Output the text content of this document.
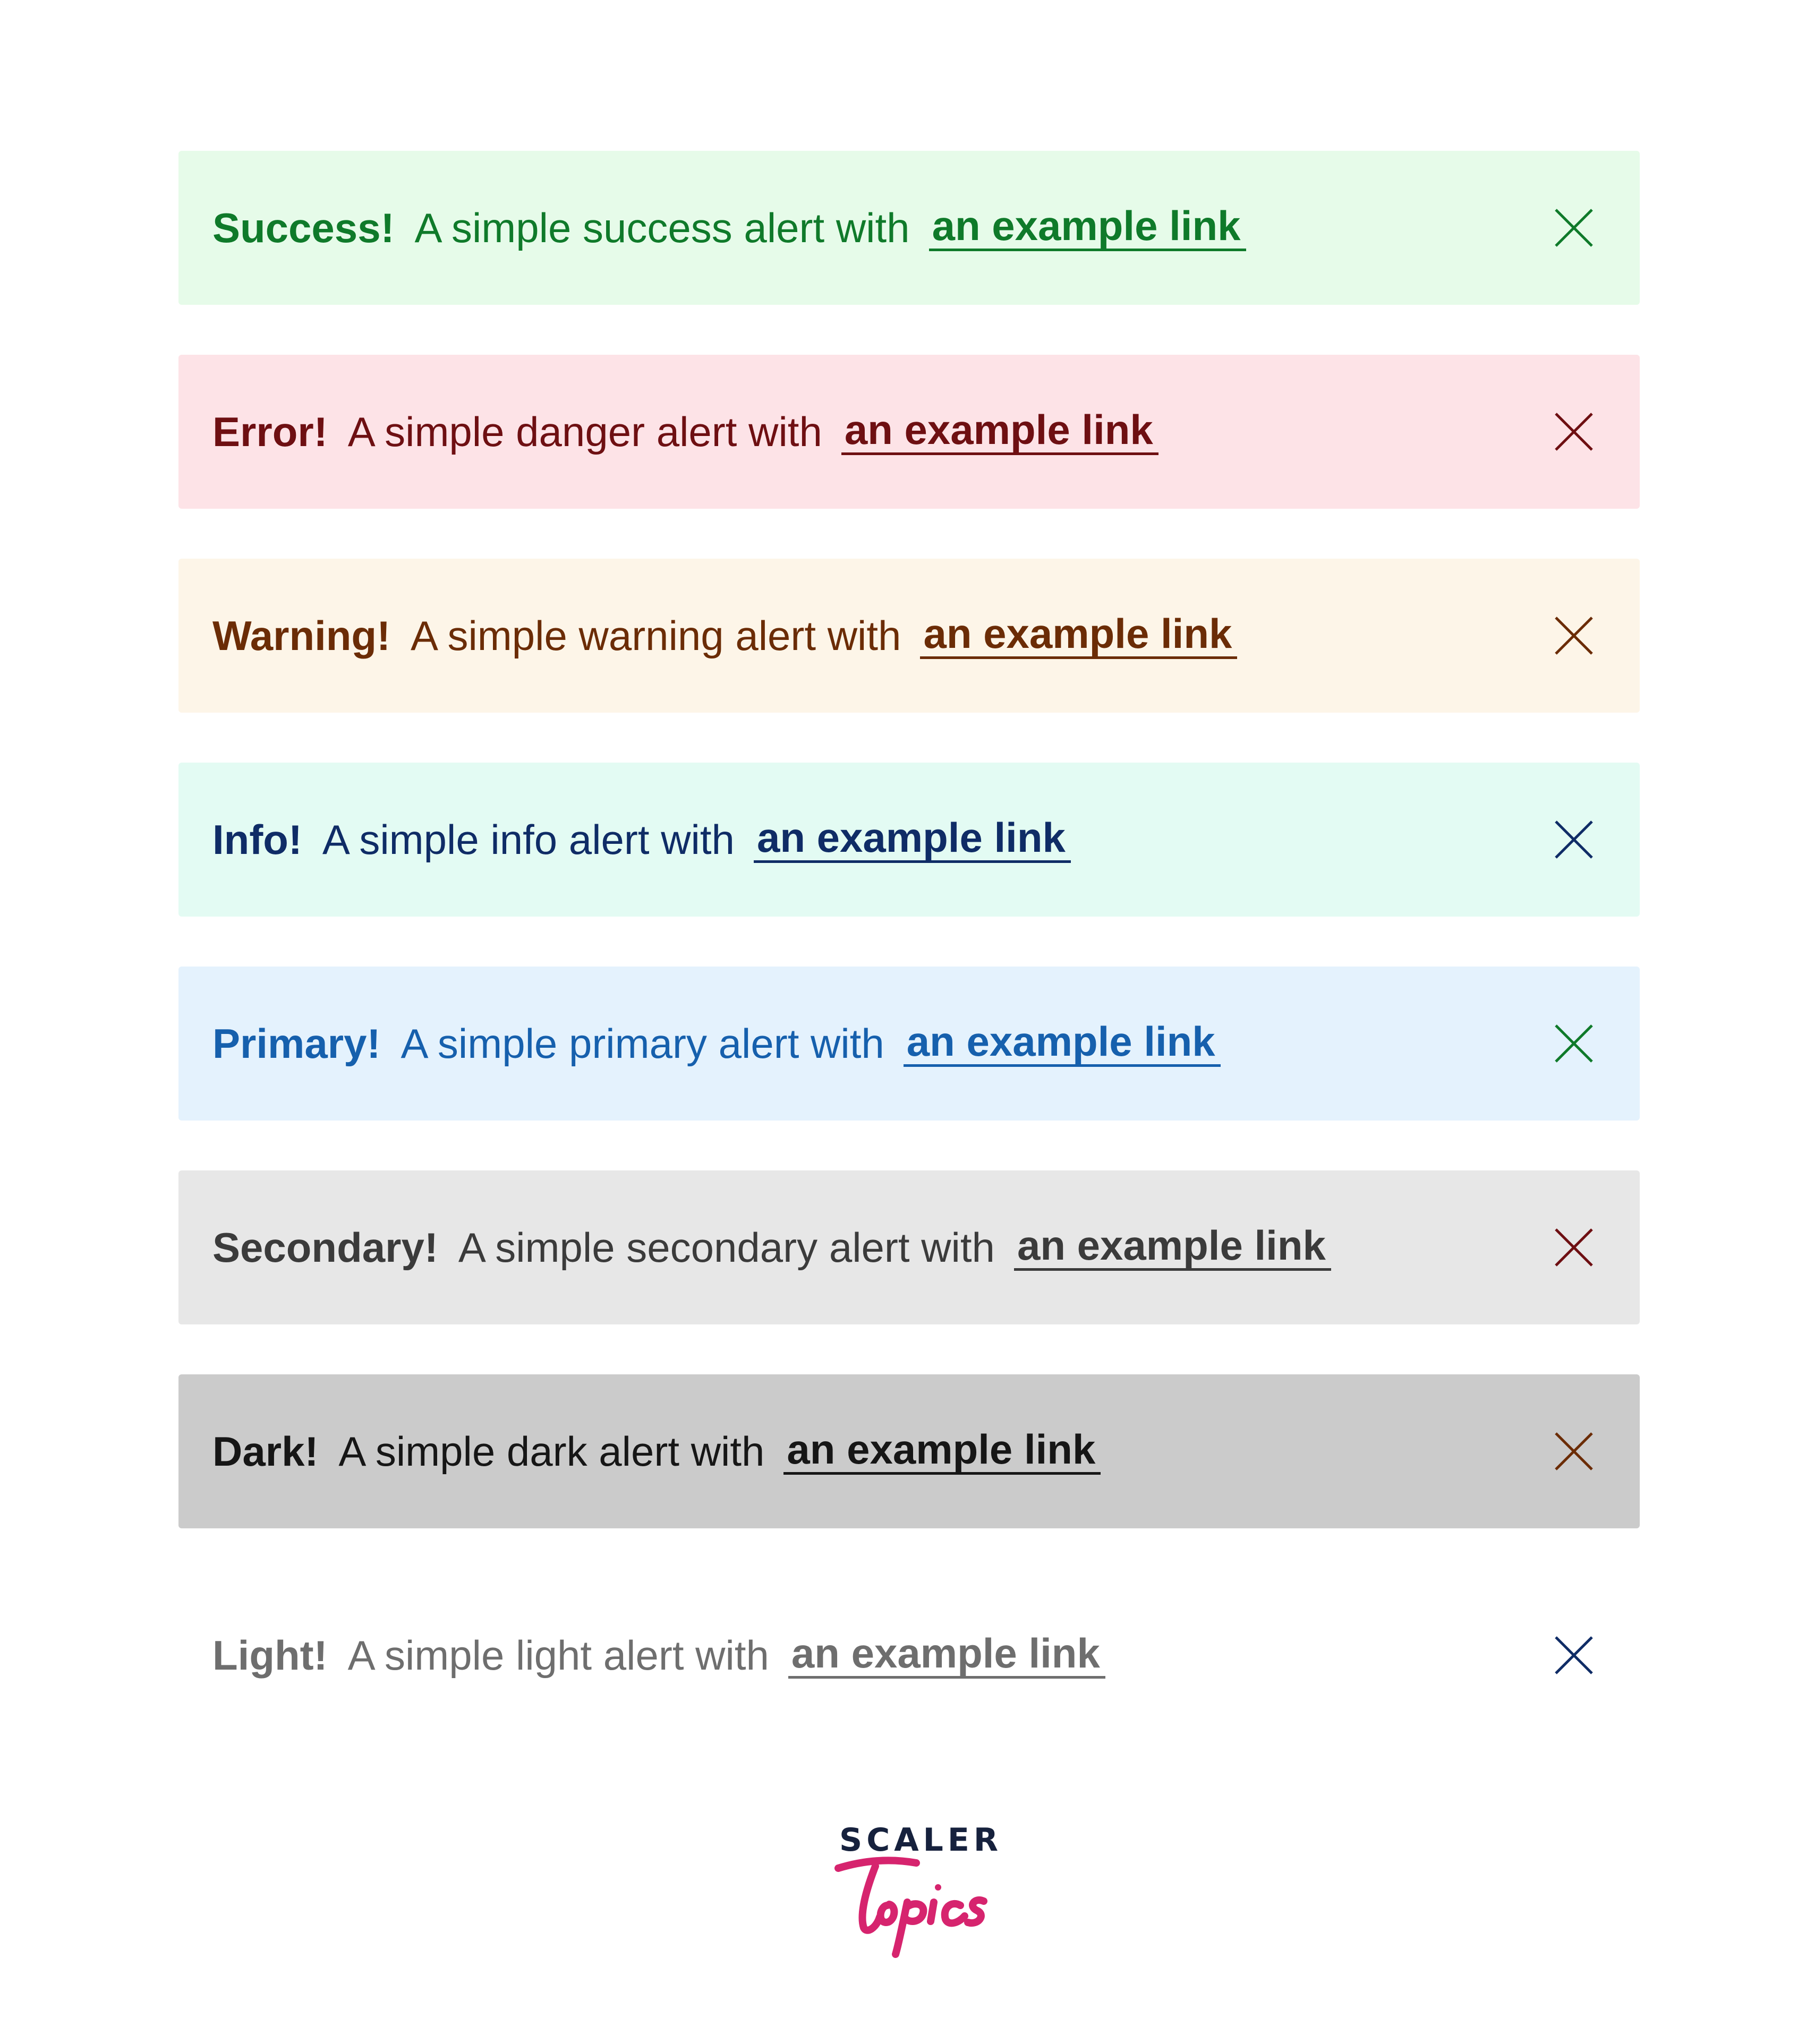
Success! A simple success alert with an example link
Error! A simple danger alert with an example link
Warning! A simple warning alert with an example link
Info! A simple info alert with an example link
Primary! A simple primary alert with an example link
Secondary! A simple secondary alert with an example link
Dark! A simple dark alert with an example link
Light! A simple light alert with an example link
SCALER
